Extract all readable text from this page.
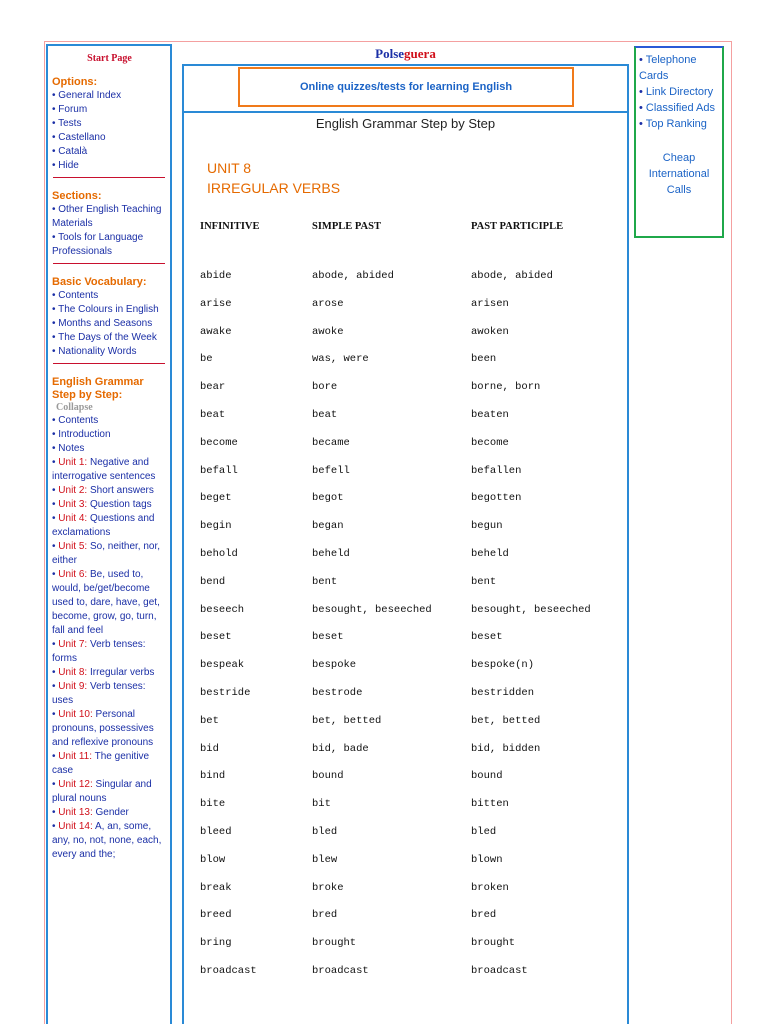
Start Page
Options:
• General Index
• Forum
• Tests
• Castellano
• Català
• Hide
Sections:
• Other English Teaching Materials
• Tools for Language Professionals
Basic Vocabulary:
• Contents
• The Colours in English
• Months and Seasons
• The Days of the Week
• Nationality Words
English Grammar Step by Step:
Collapse
• Contents
• Introduction
• Notes
• Unit 1: Negative and interrogative sentences
• Unit 2: Short answers
• Unit 3: Question tags
• Unit 4: Questions and exclamations
• Unit 5: So, neither, nor, either
• Unit 6: Be, used to, would, be/get/become used to, dare, have, get, become, grow, go, turn, fall and feel
• Unit 7: Verb tenses: forms
• Unit 8: Irregular verbs
• Unit 9: Verb tenses: uses
• Unit 10: Personal pronouns, possessives and reflexive pronouns
• Unit 11: The genitive case
• Unit 12: Singular and plural nouns
• Unit 13: Gender
• Unit 14: A, an, some, any, no, not, none, each, every and the;
Polseguera
Online quizzes/tests for learning English
English Grammar Step by Step
UNIT 8
IRREGULAR VERBS
INFINITIVE	SIMPLE PAST	PAST PARTICIPLE
abide	abode, abided	abode, abided
arise	arose	arisen
awake	awoke	awoken
be	was, were	been
bear	bore	borne, born
beat	beat	beaten
become	became	become
befall	befell	befallen
beget	begot	begotten
begin	began	begun
behold	beheld	beheld
bend	bent	bent
beseech	besought, beseeched	besought, beseeched
beset	beset	beset
bespeak	bespoke	bespoke(n)
bestride	bestrode	bestridden
bet	bet, betted	bet, betted
bid	bid, bade	bid, bidden
bind	bound	bound
bite	bit	bitten
bleed	bled	bled
blow	blew	blown
break	broke	broken
breed	bred	bred
bring	brought	brought
broadcast	broadcast	broadcast
• Telephone Cards
• Link Directory
• Classified Ads
• Top Ranking
Cheap International Calls
